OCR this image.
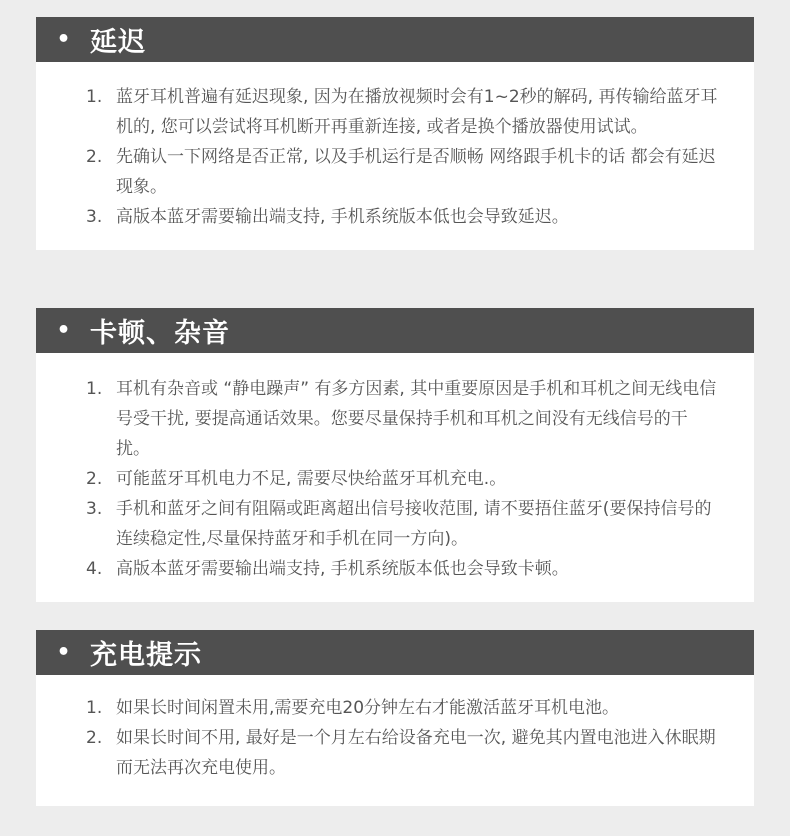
• 延迟
1. 蓝牙耳机普遍有延迟现象, 因为在播放视频时会有1~2秒的解码, 再传输给蓝牙耳机的, 您可以尝试将耳机断开再重新连接, 或者是换个播放器使用试试。
2. 先确认一下网络是否正常, 以及手机运行是否顺畅 网络跟手机卡的话 都会有延迟现象。
3. 高版本蓝牙需要输出端支持, 手机系统版本低也会导致延迟。
• 卡顿、杂音
1. 耳机有杂音或 “静电躁声” 有多方因素, 其中重要原因是手机和耳机之间无线电信号受干扰, 要提高通话效果。您要尽量保持手机和耳机之间没有无线信号的干扰。
2. 可能蓝牙耳机电力不足, 需要尽快给蓝牙耳机充电.。
3. 手机和蓝牙之间有阻隔或距离超出信号接收范围, 请不要捂住蓝牙(要保持信号的连续稳定性,尽量保持蓝牙和手机在同一方向)。
4. 高版本蓝牙需要输出端支持, 手机系统版本低也会导致卡顿。
• 充电提示
1. 如果长时间闲置未用,需要充电20分钟左右才能激活蓝牙耳机电池。
2. 如果长时间不用, 最好是一个月左右给设备充电一次, 避免其内置电池进入休眠期而无法再次充电使用。
